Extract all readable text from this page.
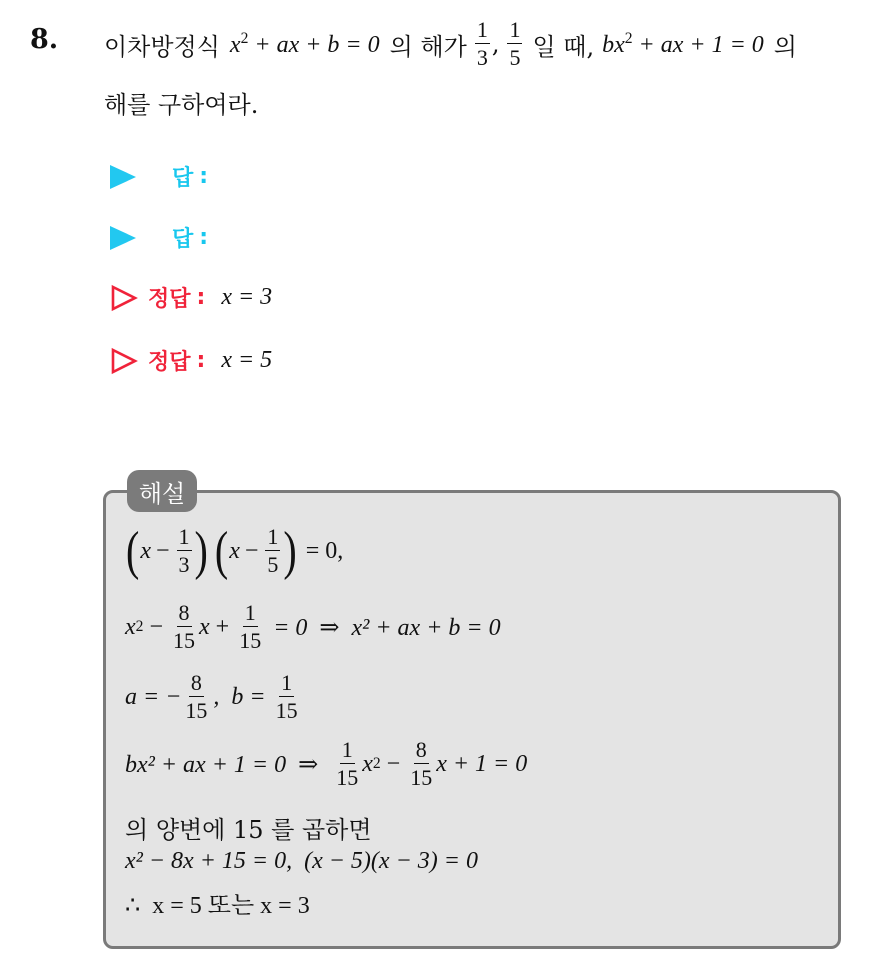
8. 이차방정식 $x^2$ + ax + b = 0 의 해가 $\frac{1}{3}$ , $\frac{1}{5}$ 일 때, $bx^2$ + ax + 1 = 0 의
해를 구하여라.
답 :
답 :
정답 : x = 3
정답 : x = 5
해설
( $x - \frac{1}{3}$ ) ( $x - \frac{1}{5}$ ) = 0,
x $2 - \frac{8}{15}$ $x + \frac{1}{15} = 0$  ⇒  x² + ax + b = 0
a = − $\frac{8}{15}$ ,  $b = \frac{1}{15}$
bx² + ax + 1 = 0  ⇒ $\frac{1}{15}$ x $2 - \frac{8}{15}$ x + 1 = 0
의 양변에 15 를 곱하면
x² − 8x + 15 = 0,  (x − 5)(x − 3) = 0
∴  x = 5 또는 x = 3
